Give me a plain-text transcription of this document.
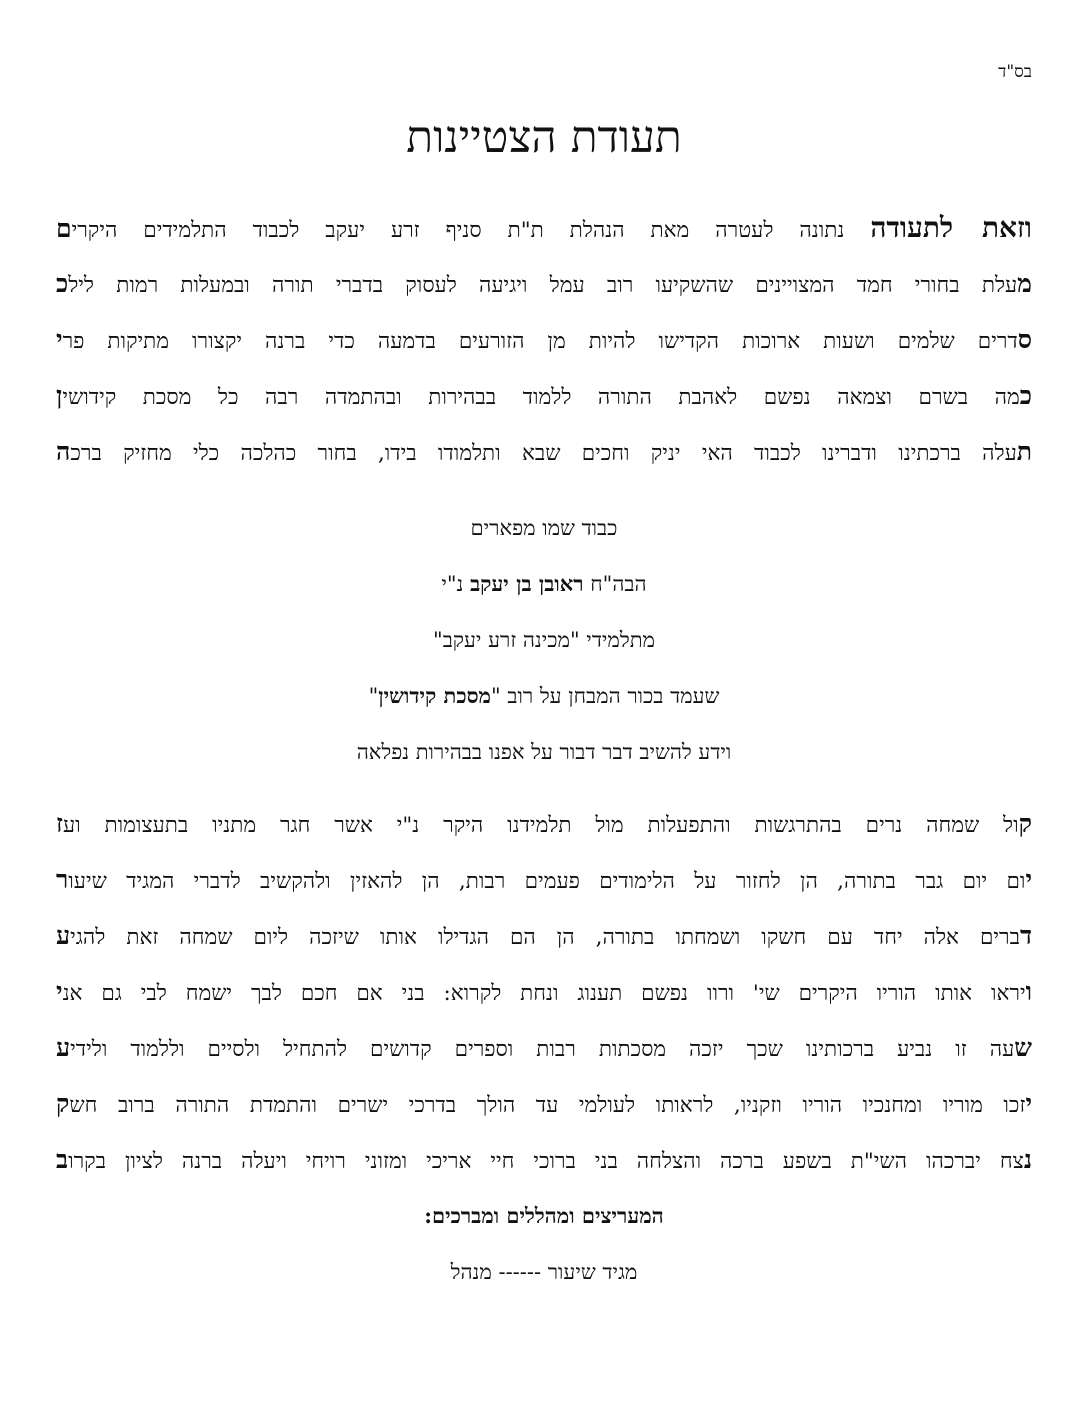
בס"ד
תעודת הצטיינות
וזאת לתעודה נתונה לעטרה מאת הנהלת ת"ת סניף זרע יעקב לכבוד התלמידים היקרים
מעלת בחורי חמד המצויינים שהשקיעו רוב עמל ויגיעה לעסוק בדברי תורה ובמעלות רמות לילכ
סדרים שלמים ושעות ארוכות הקדישו להיות מן הזורעים בדמעה כדי ברנה יקצורו מתיקות פרי
כמה בשרם וצמאה נפשם לאהבת התורה ללמוד בבהירות ובהתמדה רבה כל מסכת קידושין
תעלה ברכתינו ודברינו לכבוד האי יניק וחכים שבא ותלמודו בידו, בחור כהלכה כלי מחזיק ברכה
כבוד שמו מפארים
הבה"ח ראובן בן יעקב נ"י
מתלמידי "מכינה זרע יעקב"
שעמד בכור המבחן על רוב "מסכת קידושין"
וידע להשיב דבר דבור על אפנו בבהירות נפלאה
קול שמחה נרים בהתרגשות והתפעלות מול תלמידנו היקר נ"י אשר חגר מתניו בתעצומות ועז
יום יום גבר בתורה, הן לחזור על הלימודים פעמים רבות, הן להאזין ולהקשיב לדברי המגיד שיעור
דברים אלה יחד עם חשקו ושמחתו בתורה, הן הם הגדילו אותו שיזכה ליום שמחה זאת להגיע
ויראו אותו הוריו היקרים שי' ורוו נפשם תענוג ונחת לקרוא: בני אם חכם לבך ישמח לבי גם אני
שעה זו נביע ברכותינו שכך יזכה מסכתות רבות וספרים קדושים להתחיל ולסיים וללמוד ולידיע
יזכו מוריו ומחנכיו הוריו וזקניו, לראותו לעולמי עד הולך בדרכי ישרים והתמדת התורה ברוב חשק
נצח יברכהו השי"ת בשפע ברכה והצלחה בני ברוכי חיי אריכי ומזוני רויחי ויעלה ברנה לציון בקרוב
המעריצים ומהללים ומברכים:
מגיד שיעור ------ מנהל
